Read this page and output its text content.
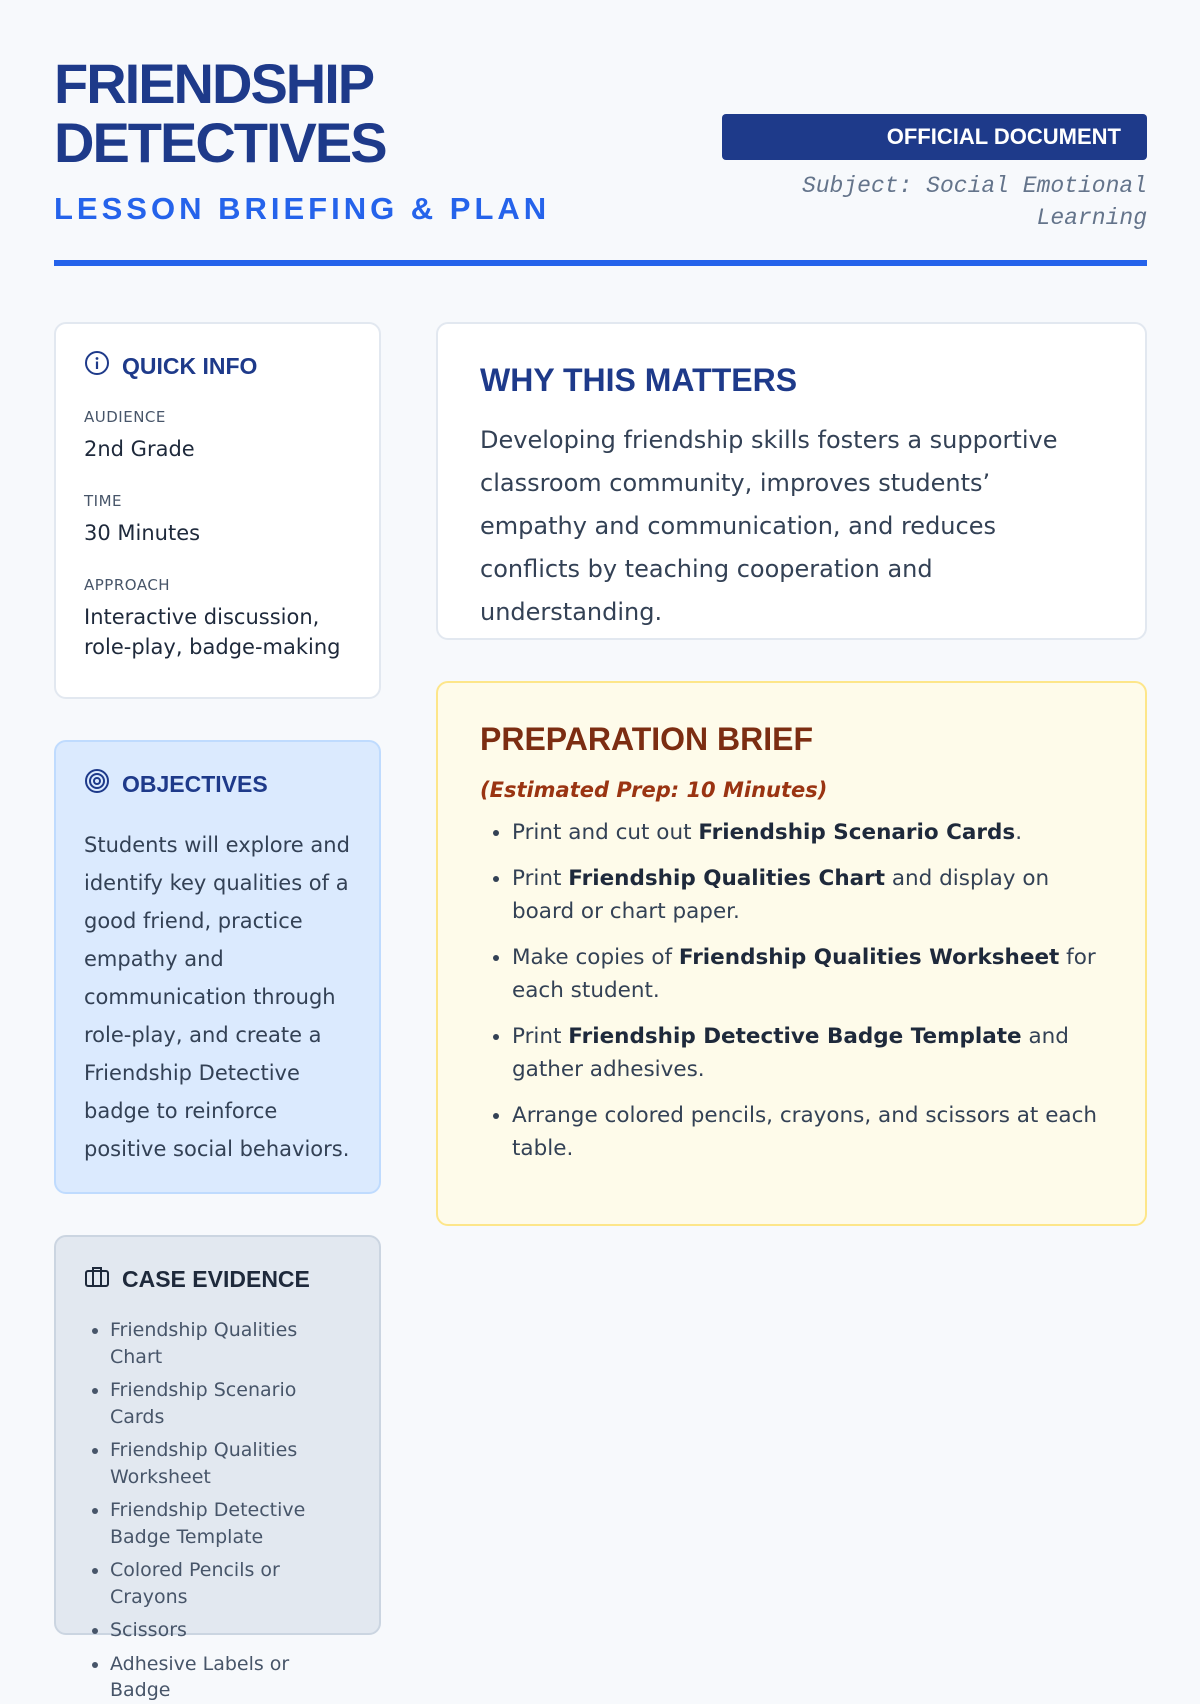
FRIENDSHIP
DETECTIVES
LESSON BRIEFING & PLAN
OFFICIAL DOCUMENT
Subject: Social Emotional Learning
QUICK INFO

AUDIENCE

2nd Grade

TIME

30 Minutes

APPROACH

Interactive discussion, role-play, badge-making

OBJECTIVES

Students will explore and identify key qualities of a good friend, practice empathy and communication through role-play, and create a Friendship Detective badge to reinforce positive social behaviors.

CASE EVIDENCE
• Friendship Qualities Chart
• Friendship Scenario Cards
• Friendship Qualities Worksheet
• Friendship Detective Badge Template
• Colored Pencils or Crayons
• Scissors
• Adhesive Labels or Badge
WHY THIS MATTERS

Developing friendship skills fosters a supportive classroom community, improves students’ empathy and communication, and reduces conflicts by teaching cooperation and understanding.

PREPARATION BRIEF

(Estimated Prep: 10 Minutes)

• Print and cut out Friendship Scenario Cards.
• Print Friendship Qualities Chart and display on board or chart paper.
• Make copies of Friendship Qualities Worksheet for each student.
• Print Friendship Detective Badge Template and gather adhesives.
• Arrange colored pencils, crayons, and scissors at each table.
